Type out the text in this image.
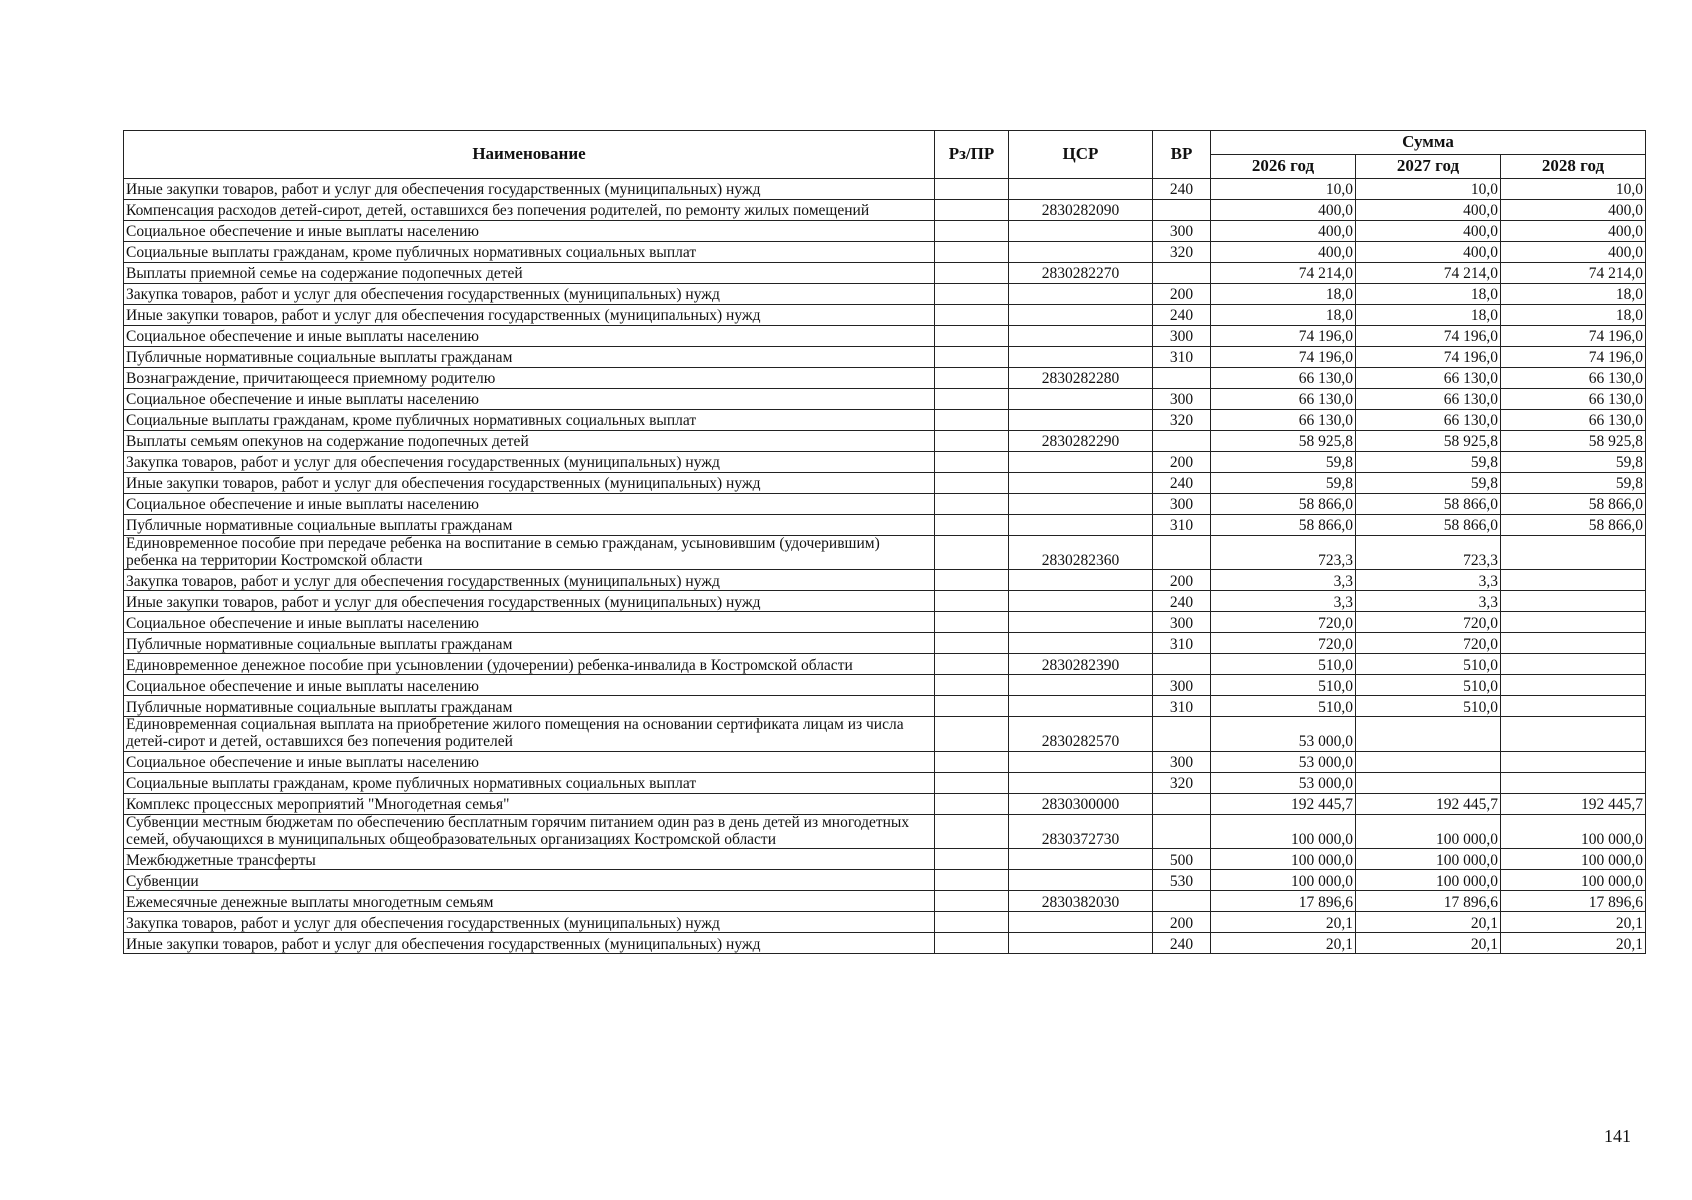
Наименование	Рз/ПР	ЦСР	ВР	Сумма		
				2026 год	2027 год	2028 год
Иные закупки товаров, работ и услуг для обеспечения государственных (муниципальных) нужд			240	10,0	10,0	10,0
Компенсация расходов детей-сирот, детей, оставшихся без попечения родителей, по ремонту жилых помещений		2830282090		400,0	400,0	400,0
Социальное обеспечение и иные выплаты населению			300	400,0	400,0	400,0
Социальные выплаты гражданам, кроме публичных нормативных социальных выплат			320	400,0	400,0	400,0
Выплаты приемной семье на содержание подопечных детей		2830282270		74 214,0	74 214,0	74 214,0
Закупка товаров, работ и услуг для обеспечения государственных (муниципальных) нужд			200	18,0	18,0	18,0
Иные закупки товаров, работ и услуг для обеспечения государственных (муниципальных) нужд			240	18,0	18,0	18,0
Социальное обеспечение и иные выплаты населению			300	74 196,0	74 196,0	74 196,0
Публичные нормативные социальные выплаты гражданам			310	74 196,0	74 196,0	74 196,0
Вознаграждение, причитающееся приемному родителю		2830282280		66 130,0	66 130,0	66 130,0
Социальное обеспечение и иные выплаты населению			300	66 130,0	66 130,0	66 130,0
Социальные выплаты гражданам, кроме публичных нормативных социальных выплат			320	66 130,0	66 130,0	66 130,0
Выплаты семьям опекунов на содержание подопечных детей		2830282290		58 925,8	58 925,8	58 925,8
Закупка товаров, работ и услуг для обеспечения государственных (муниципальных) нужд			200	59,8	59,8	59,8
Иные закупки товаров, работ и услуг для обеспечения государственных (муниципальных) нужд			240	59,8	59,8	59,8
Социальное обеспечение и иные выплаты населению			300	58 866,0	58 866,0	58 866,0
Публичные нормативные социальные выплаты гражданам			310	58 866,0	58 866,0	58 866,0
Единовременное пособие при передаче ребенка на воспитание в семью гражданам, усыновившим (удочерившим) ребенка на территории Костромской области		2830282360		723,3	723,3	
Закупка товаров, работ и услуг для обеспечения государственных (муниципальных) нужд			200	3,3	3,3	
Иные закупки товаров, работ и услуг для обеспечения государственных (муниципальных) нужд			240	3,3	3,3	
Социальное обеспечение и иные выплаты населению			300	720,0	720,0	
Публичные нормативные социальные выплаты гражданам			310	720,0	720,0	
Единовременное денежное пособие при усыновлении (удочерении) ребенка-инвалида в Костромской области		2830282390		510,0	510,0	
Социальное обеспечение и иные выплаты населению			300	510,0	510,0	
Публичные нормативные социальные выплаты гражданам			310	510,0	510,0	
Единовременная социальная выплата на приобретение жилого помещения на основании сертификата лицам из числа детей-сирот и детей, оставшихся без попечения родителей		2830282570		53 000,0		
Социальное обеспечение и иные выплаты населению			300	53 000,0		
Социальные выплаты гражданам, кроме публичных нормативных социальных выплат			320	53 000,0		
Комплекс процессных мероприятий "Многодетная семья"		2830300000		192 445,7	192 445,7	192 445,7
Субвенции местным бюджетам по обеспечению бесплатным горячим питанием один раз в день детей из многодетных семей, обучающихся в муниципальных общеобразовательных организациях Костромской области		2830372730		100 000,0	100 000,0	100 000,0
Межбюджетные трансферты			500	100 000,0	100 000,0	100 000,0
Субвенции			530	100 000,0	100 000,0	100 000,0
Ежемесячные денежные выплаты многодетным семьям		2830382030		17 896,6	17 896,6	17 896,6
Закупка товаров, работ и услуг для обеспечения государственных (муниципальных) нужд			200	20,1	20,1	20,1
Иные закупки товаров, работ и услуг для обеспечения государственных (муниципальных) нужд			240	20,1	20,1	20,1
141
